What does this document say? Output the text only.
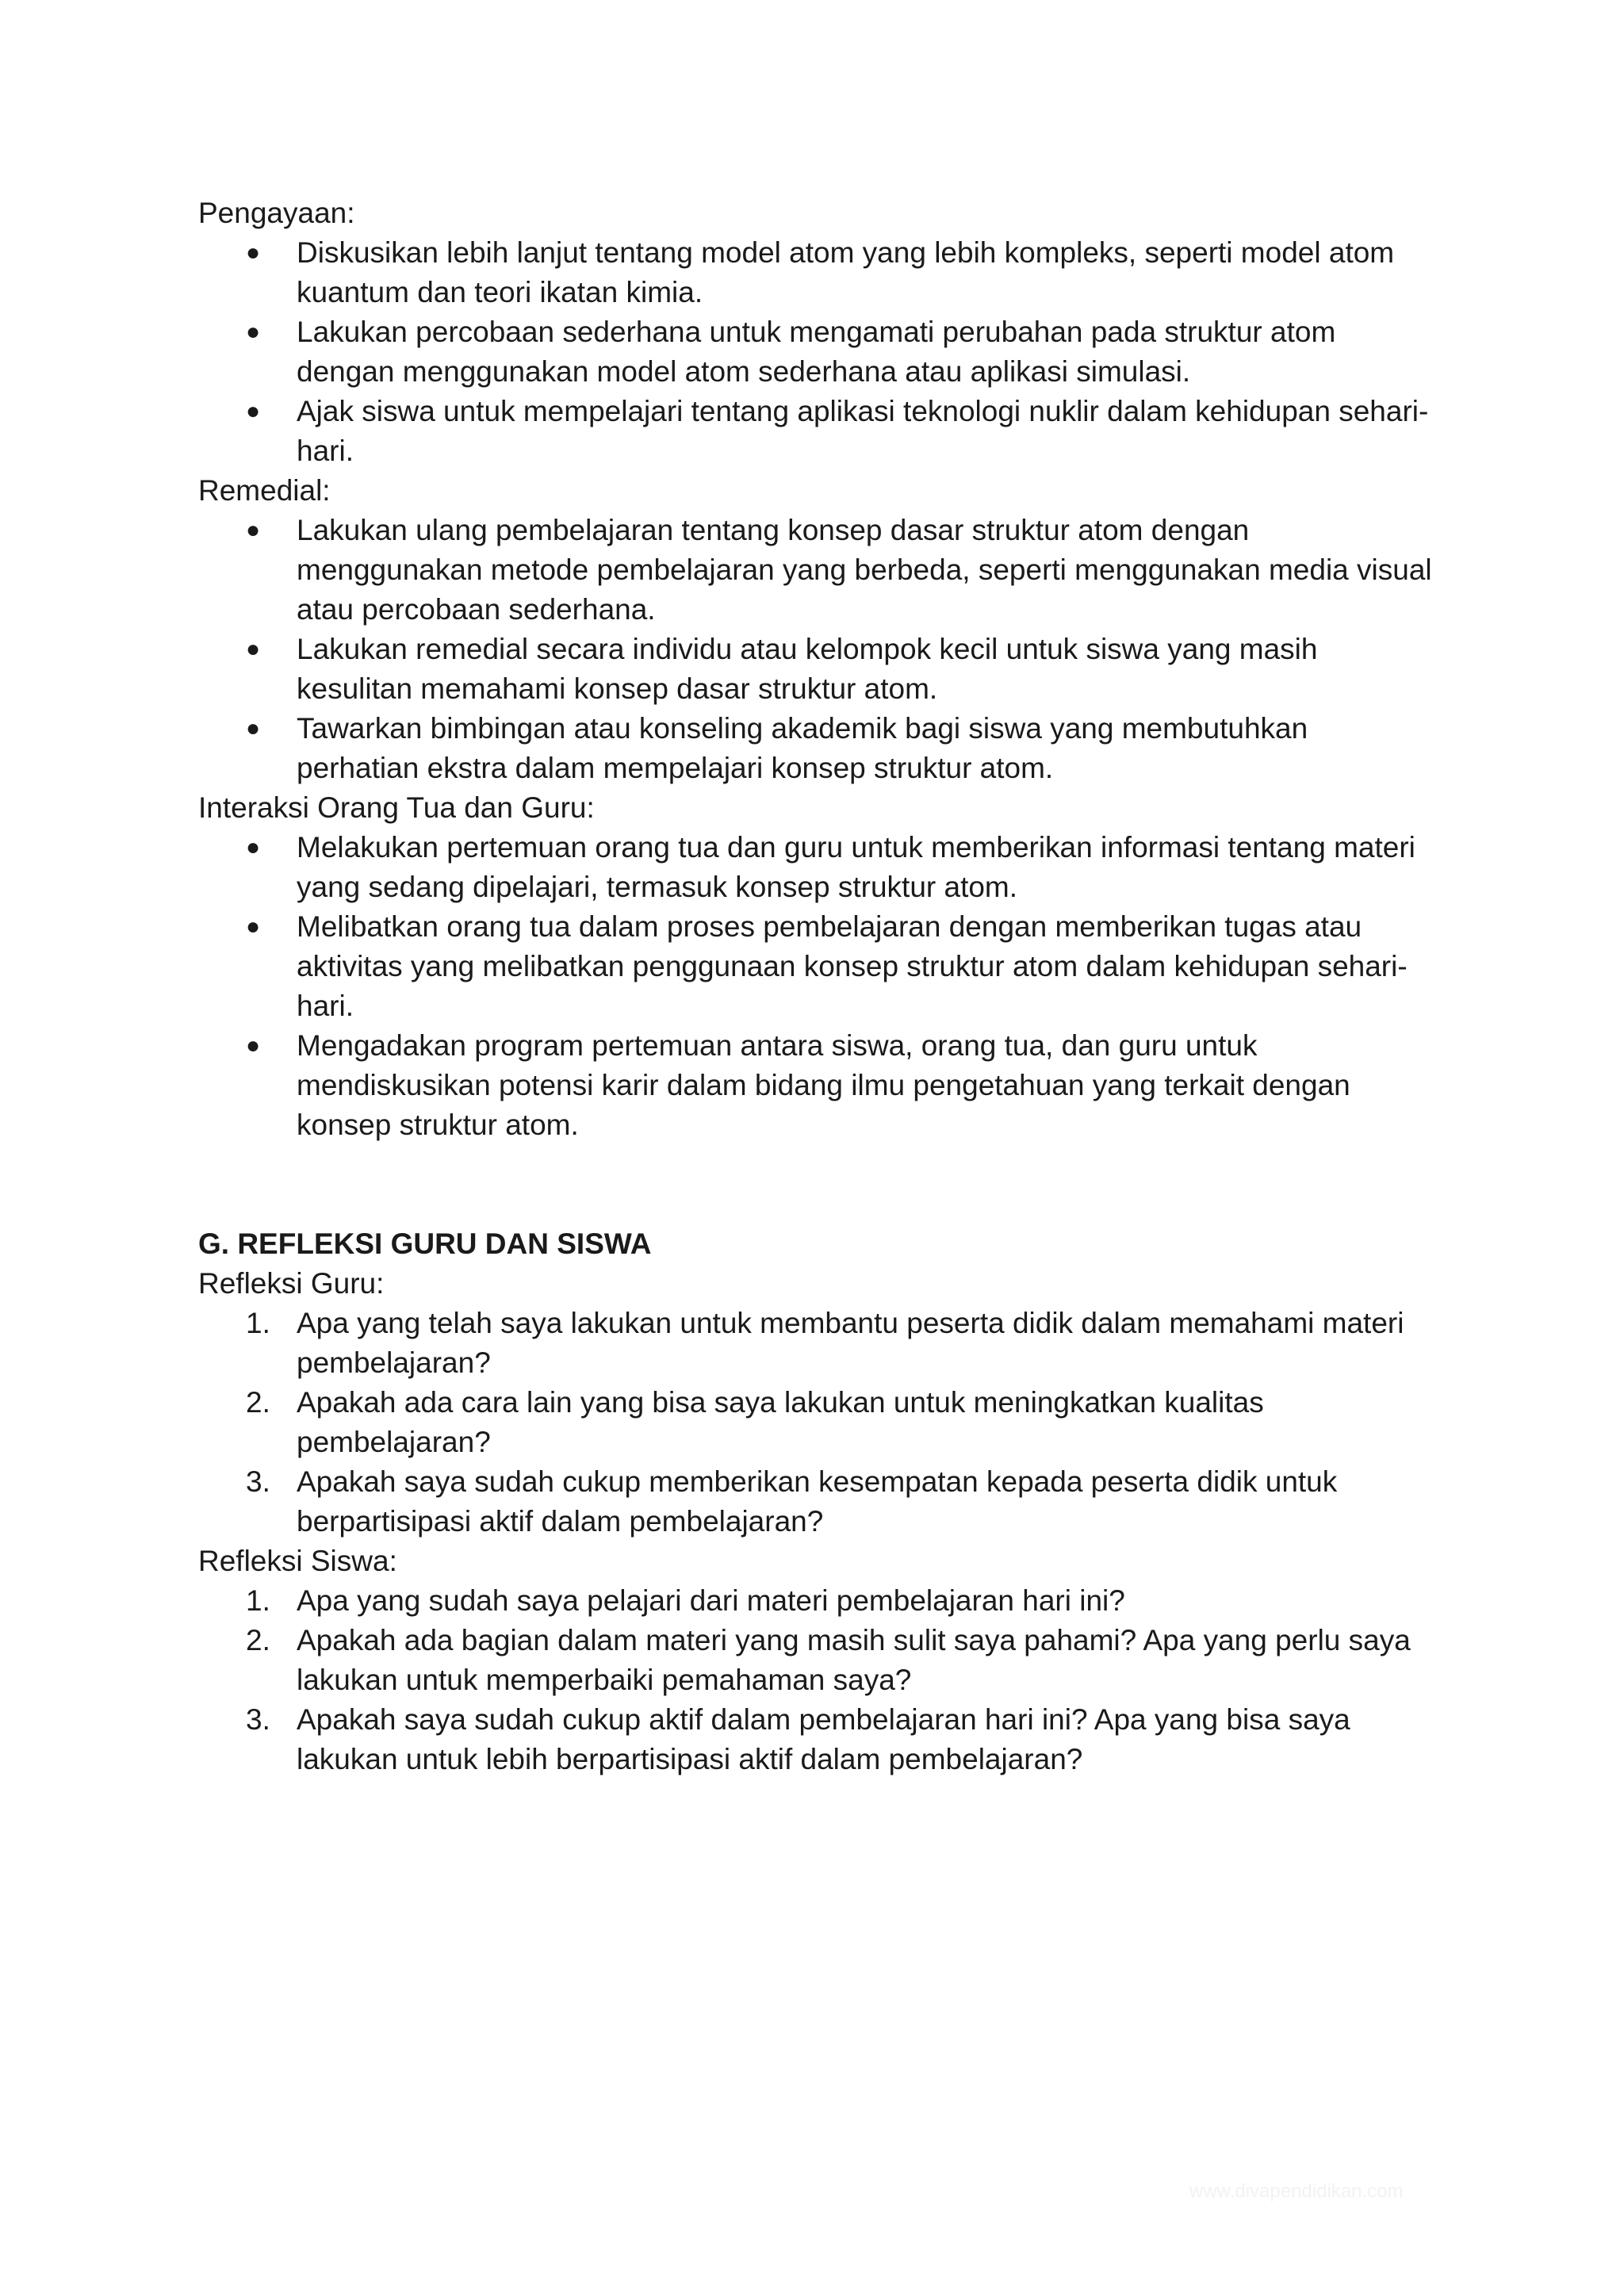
Pengayaan:

●	Diskusikan lebih lanjut tentang model atom yang lebih kompleks, seperti model atom kuantum dan teori ikatan kimia.
●	Lakukan percobaan sederhana untuk mengamati perubahan pada struktur atom dengan menggunakan model atom sederhana atau aplikasi simulasi.
●	Ajak siswa untuk mempelajari tentang aplikasi teknologi nuklir dalam kehidupan sehari-hari.

Remedial:

●	Lakukan ulang pembelajaran tentang konsep dasar struktur atom dengan menggunakan metode pembelajaran yang berbeda, seperti menggunakan media visual atau percobaan sederhana.
●	Lakukan remedial secara individu atau kelompok kecil untuk siswa yang masih kesulitan memahami konsep dasar struktur atom.
●	Tawarkan bimbingan atau konseling akademik bagi siswa yang membutuhkan perhatian ekstra dalam mempelajari konsep struktur atom.

Interaksi Orang Tua dan Guru:

●	Melakukan pertemuan orang tua dan guru untuk memberikan informasi tentang materi yang sedang dipelajari, termasuk konsep struktur atom.
●	Melibatkan orang tua dalam proses pembelajaran dengan memberikan tugas atau aktivitas yang melibatkan penggunaan konsep struktur atom dalam kehidupan sehari-hari.
●	Mengadakan program pertemuan antara siswa, orang tua, dan guru untuk mendiskusikan potensi karir dalam bidang ilmu pengetahuan yang terkait dengan konsep struktur atom.

G. REFLEKSI GURU DAN SISWA

Refleksi Guru:

1. Apa yang telah saya lakukan untuk membantu peserta didik dalam memahami materi pembelajaran?
2. Apakah ada cara lain yang bisa saya lakukan untuk meningkatkan kualitas pembelajaran?
3. Apakah saya sudah cukup memberikan kesempatan kepada peserta didik untuk berpartisipasi aktif dalam pembelajaran?

Refleksi Siswa:

1. Apa yang sudah saya pelajari dari materi pembelajaran hari ini?
2. Apakah ada bagian dalam materi yang masih sulit saya pahami? Apa yang perlu saya lakukan untuk memperbaiki pemahaman saya?
3. Apakah saya sudah cukup aktif dalam pembelajaran hari ini? Apa yang bisa saya lakukan untuk lebih berpartisipasi aktif dalam pembelajaran?
www.divapendidikan.com
